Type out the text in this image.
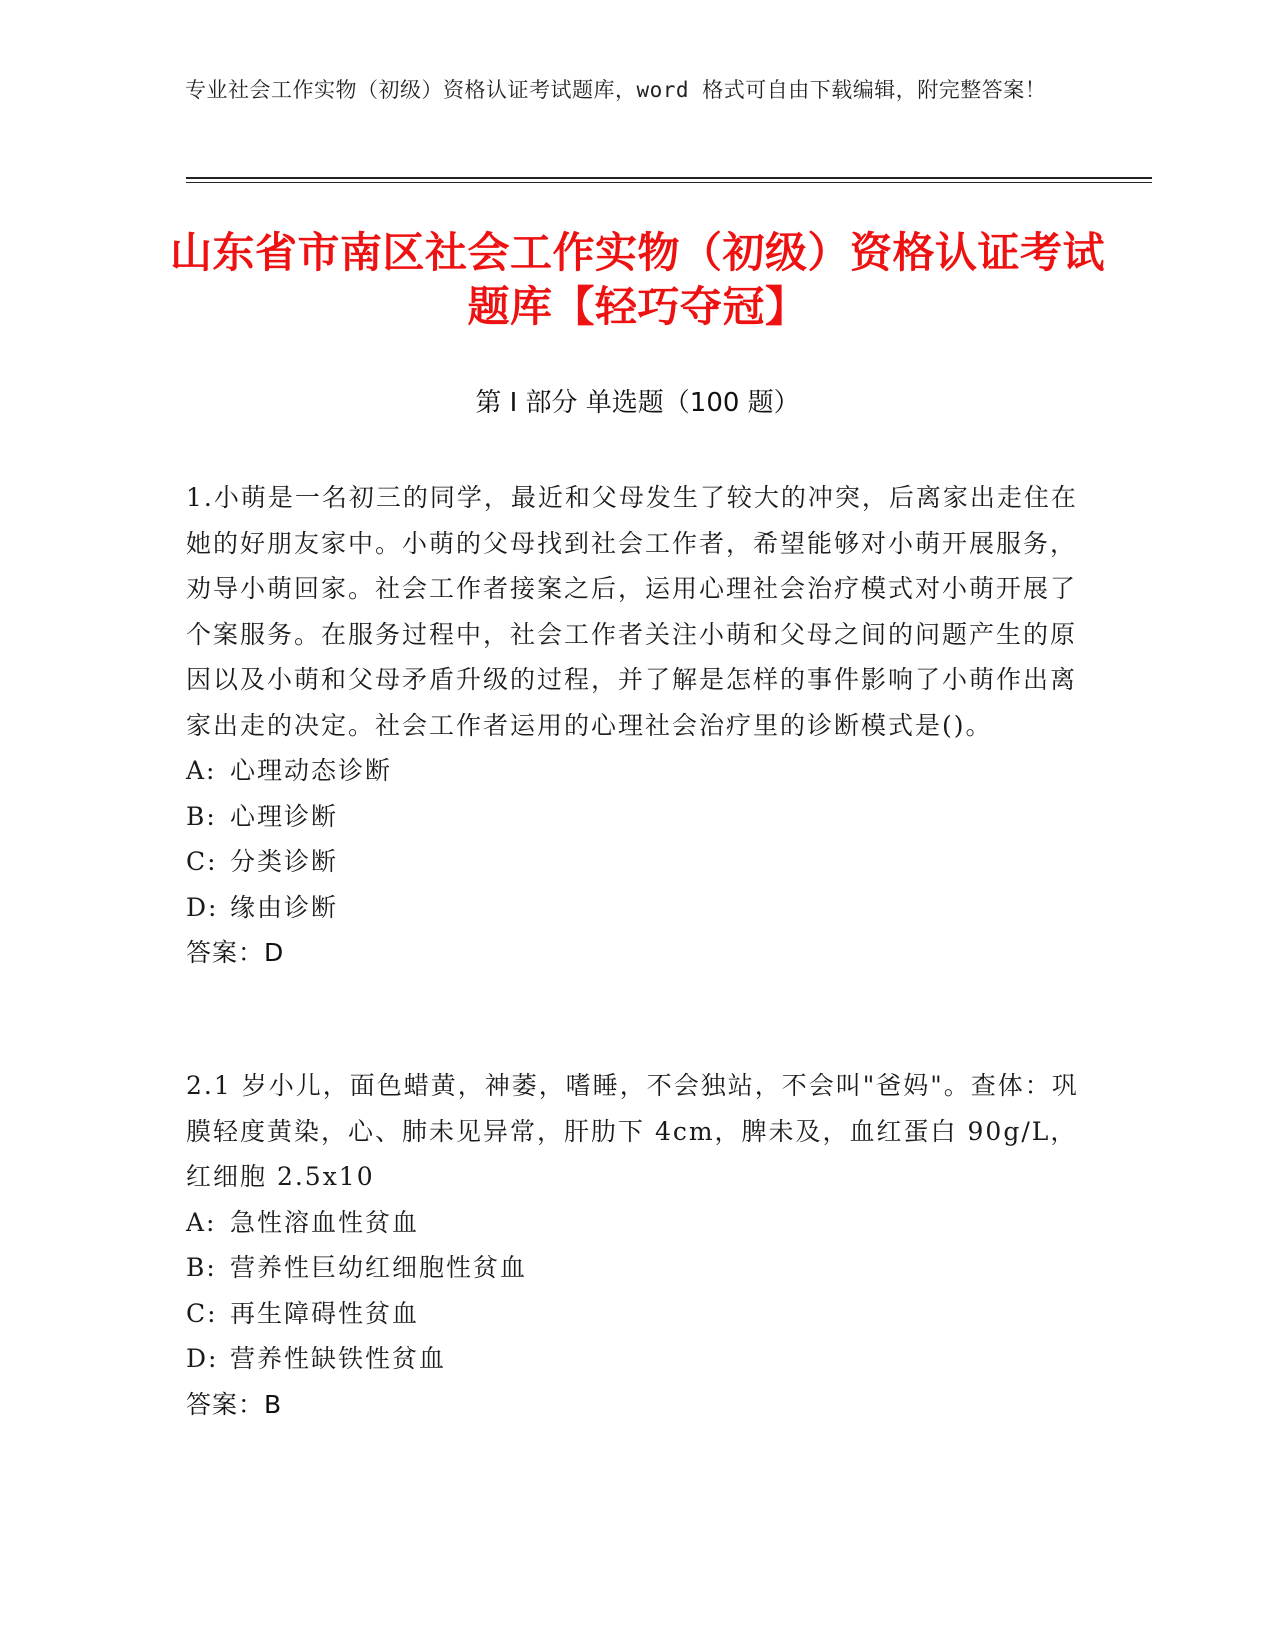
专业社会工作实物（初级）资格认证考试题库，word 格式可自由下载编辑，附完整答案！
山东省市南区社会工作实物（初级）资格认证考试题库【轻巧夺冠】
第 I 部分 单选题（100 题）

1.小萌是一名初三的同学，最近和父母发生了较大的冲突，后离家出走住在她的好朋友家中。小萌的父母找到社会工作者，希望能够对小萌开展服务，劝导小萌回家。社会工作者接案之后，运用心理社会治疗模式对小萌开展了个案服务。在服务过程中，社会工作者关注小萌和父母之间的问题产生的原因以及小萌和父母矛盾升级的过程，并了解是怎样的事件影响了小萌作出离家出走的决定。社会工作者运用的心理社会治疗里的诊断模式是()。

A: 心理动态诊断

B: 心理诊断

C: 分类诊断

D: 缘由诊断

答案：D

2.1 岁小儿，面色蜡黄，神萎，嗜睡，不会独站，不会叫"爸妈"。查体：巩膜轻度黄染，心、肺未见异常，肝肋下 4cm，脾未及，血红蛋白 90g/L，红细胞 2.5x10

A: 急性溶血性贫血

B: 营养性巨幼红细胞性贫血

C: 再生障碍性贫血

D: 营养性缺铁性贫血

答案：B
